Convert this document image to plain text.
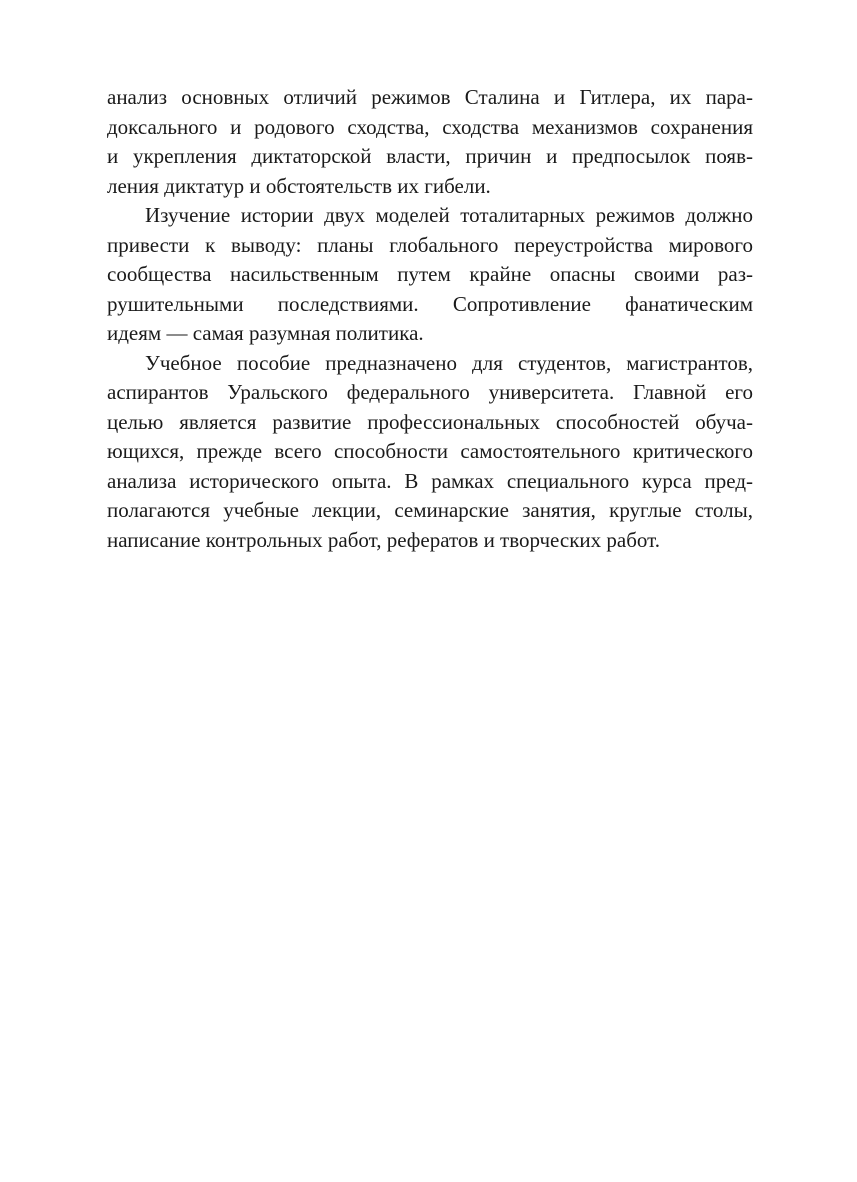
анализ основных отличий режимов Сталина и Гитлера, их пара-
доксального и родового сходства, сходства механизмов сохранения
и укрепления диктаторской власти, причин и предпосылок появ-
ления диктатур и обстоятельств их гибели.
Изучение истории двух моделей тоталитарных режимов должно
привести к выводу: планы глобального переустройства мирового
сообщества насильственным путем крайне опасны своими раз-
рушительными последствиями. Сопротивление фанатическим
идеям — самая разумная политика.
Учебное пособие предназначено для студентов, магистрантов,
аспирантов Уральского федерального университета. Главной его
целью является развитие профессиональных способностей обуча-
ющихся, прежде всего способности самостоятельного критического
анализа исторического опыта. В рамках специального курса пред-
полагаются учебные лекции, семинарские занятия, круглые столы,
написание контрольных работ, рефератов и творческих работ.
